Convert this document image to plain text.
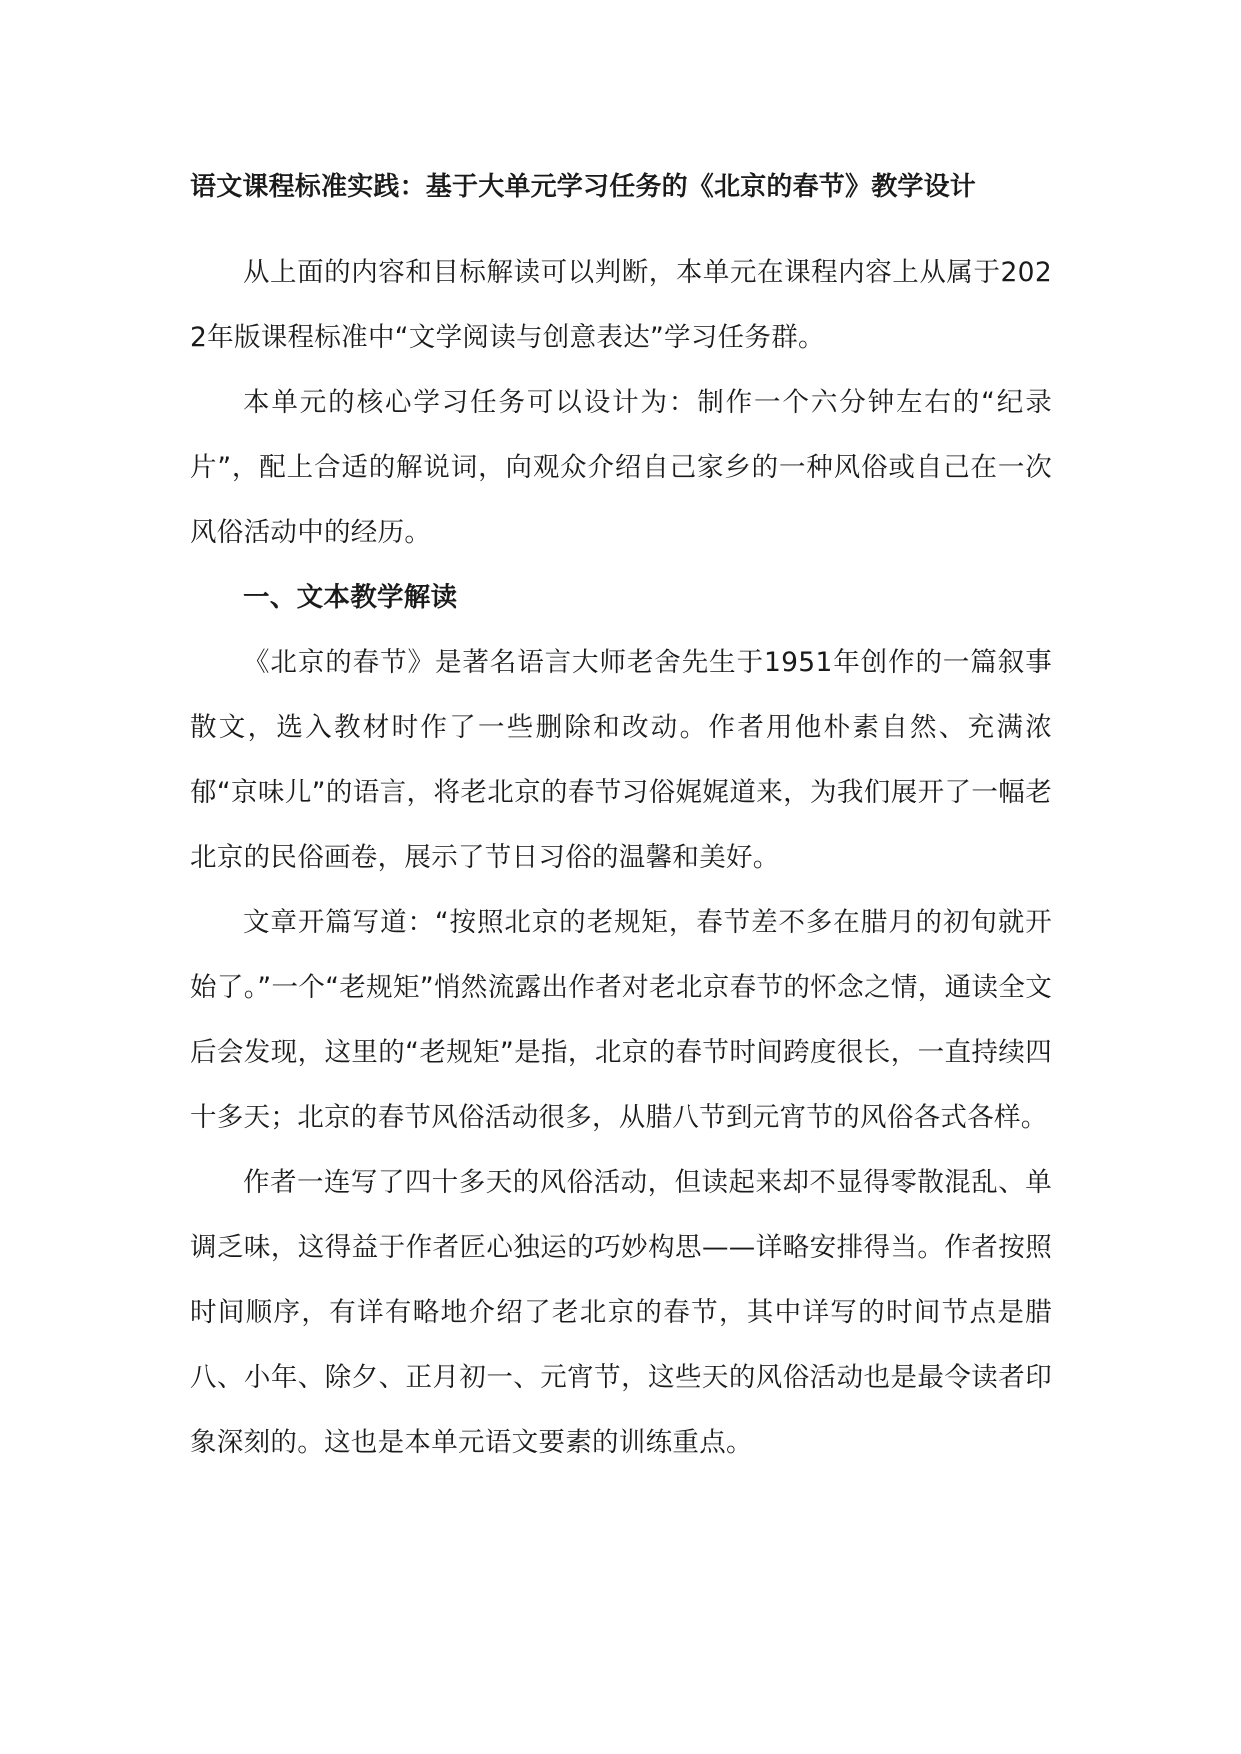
语文课程标准实践：基于大单元学习任务的《北京的春节》教学设计

从上面的内容和目标解读可以判断，本单元在课程内容上从属于2022年版课程标准中“文学阅读与创意表达”学习任务群。

本单元的核心学习任务可以设计为：制作一个六分钟左右的“纪录片”，配上合适的解说词，向观众介绍自己家乡的一种风俗或自己在一次风俗活动中的经历。

一、文本教学解读

《北京的春节》是著名语言大师老舍先生于1951年创作的一篇叙事散文，选入教材时作了一些删除和改动。作者用他朴素自然、充满浓郁“京味儿”的语言，将老北京的春节习俗娓娓道来，为我们展开了一幅老北京的民俗画卷，展示了节日习俗的温馨和美好。

文章开篇写道：“按照北京的老规矩，春节差不多在腊月的初旬就开始了。”一个“老规矩”悄然流露出作者对老北京春节的怀念之情，通读全文后会发现，这里的“老规矩”是指，北京的春节时间跨度很长，一直持续四十多天；北京的春节风俗活动很多，从腊八节到元宵节的风俗各式各样。

作者一连写了四十多天的风俗活动，但读起来却不显得零散混乱、单调乏味，这得益于作者匠心独运的巧妙构思——详略安排得当。作者按照时间顺序，有详有略地介绍了老北京的春节，其中详写的时间节点是腊八、小年、除夕、正月初一、元宵节，这些天的风俗活动也是最令读者印象深刻的。这也是本单元语文要素的训练重点。
